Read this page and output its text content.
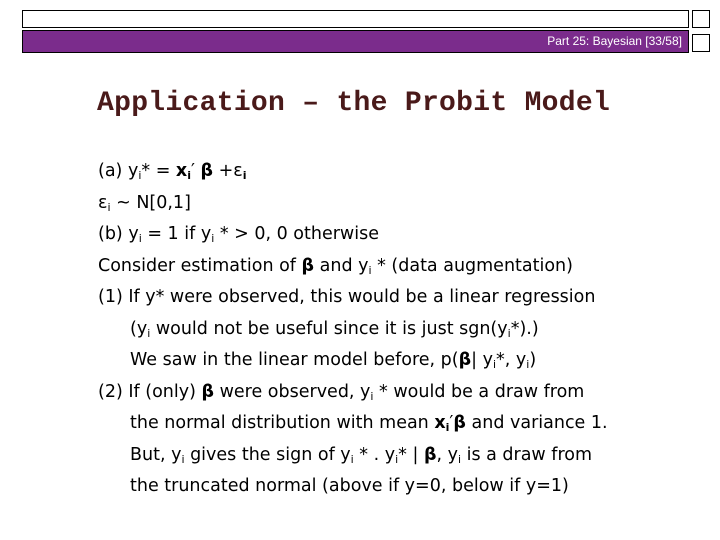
Part 25: Bayesian [33/58]
Application – the Probit Model
(a) $y_i* = x_i'$ $\beta +\varepsilon_i$
$\varepsilon_i$ ~ N[0,1]
(b) $y_i = 1$ if $y_i$ * > 0, 0 otherwise
Consider estimation of β and $y_i$ * (data augmentation)
(1) If y* were observed, this would be a linear regression
($y_i$ would not be useful since it is just $sgn(y_i*)$.)
We saw in the linear model before, p(β| $y_i*$, $y_i$)
(2) If (only) β were observed, $y_i$ * would be a draw from
the normal distribution with mean $x_i'\beta$ and variance 1.
But, $y_i$ gives the sign of $y_i$ * . $y_i*$ | β, $y_i$ is a draw from
the truncated normal (above if y=0, below if y=1)
